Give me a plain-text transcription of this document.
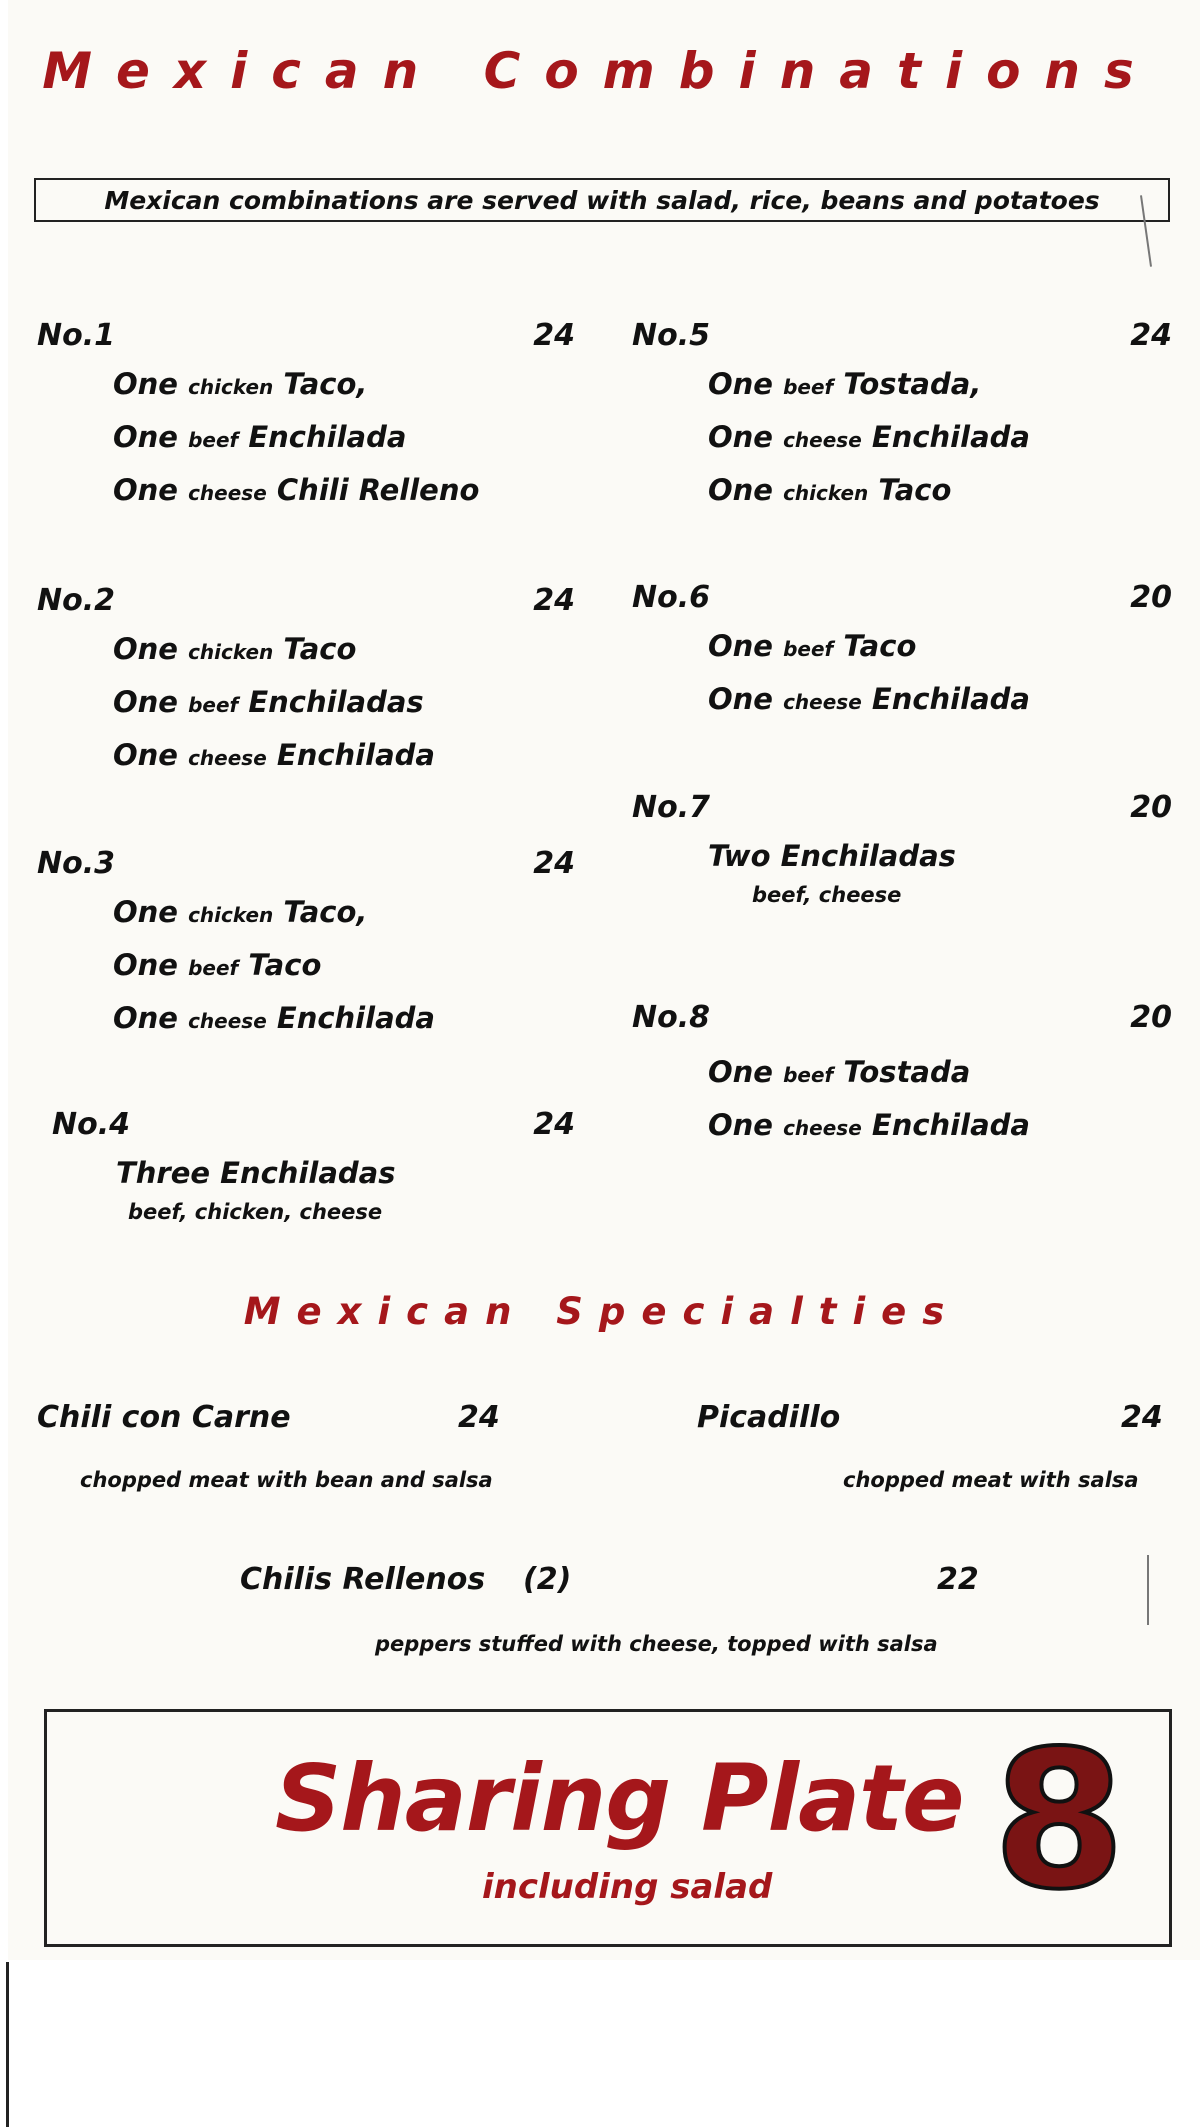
Mexican Combinations
Mexican combinations are served with salad, rice, beans and potatoes
No.1	24
One chicken Taco,
One beef Enchilada
One cheese Chili Relleno
No.2	24
One chicken Taco
One beef Enchiladas
One cheese Enchilada
No.3	24
One chicken Taco,
One beef Taco
One cheese Enchilada
No.4	24
Three Enchiladas
beef, chicken, cheese
No.5	24
One beef Tostada,
One cheese Enchilada
One chicken Taco
No.6	20
One beef Taco
One cheese Enchilada
No.7	20
Two Enchiladas
beef, cheese
No.8	20
One beef Tostada
One cheese Enchilada
Mexican Specialties
Chili con Carne	24
chopped meat with bean and salsa
Picadillo	24
chopped meat with salsa
Chilis Rellenos (2)	22
peppers stuffed with cheese, topped with salsa
Sharing Plate
including salad 8
